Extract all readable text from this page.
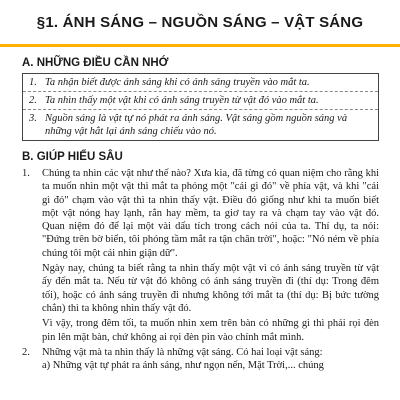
§1. ÁNH SÁNG – NGUỒN SÁNG – VẬT SÁNG
A. NHỮNG ĐIỀU CẦN NHỚ
1. Ta nhận biết được ánh sáng khi có ánh sáng truyền vào mắt ta.
2. Ta nhìn thấy một vật khi có ánh sáng truyền từ vật đó vào mắt ta.
3. Nguồn sáng là vật tự nó phát ra ánh sáng. Vật sáng gồm nguồn sáng và những vật hắt lại ánh sáng chiếu vào nó.
B. GIÚP HIỂU SÂU
1.	Chúng ta nhìn các vật như thế nào? Xưa kia, đã từng có quan niệm cho rằng khi ta muốn nhìn một vật thì mắt ta phóng một "cái gì đó" về phía vật, và khi "cái gì đó" chạm vào vật thì ta nhìn thấy vật. Điều đó giống như khi ta muốn biết một vật nóng hay lạnh, rắn hay mềm, ta giơ tay ra và chạm tay vào vật đó. Quan niệm đó để lại một vài dấu tích trong cách nói của ta. Thí dụ, ta nói: "Đứng trên bờ biển, tôi phóng tầm mắt ra tận chân trời", hoặc: "Nó ném về phía chúng tôi một cái nhìn giận dữ".
Ngày nay, chúng ta biết rằng ta nhìn thấy một vật vì có ánh sáng truyền từ vật ấy đến mắt ta. Nếu từ vật đó không có ánh sáng truyền đi (thí dụ: Trong đêm tối), hoặc có ánh sáng truyền đi nhưng không tới mắt ta (thí dụ: Bị bức tường chắn) thì ta không nhìn thấy vật đó.
Vì vậy, trong đêm tối, ta muốn nhìn xem trên bàn có những gì thì phải rọi đèn pin lên mặt bàn, chứ không ai rọi đèn pin vào chính mắt mình.
2.	Những vật mà ta nhìn thấy là những vật sáng. Có hai loại vật sáng:
a) Những vật tự phát ra ánh sáng, như ngọn nến, Mặt Trời,... chúng
